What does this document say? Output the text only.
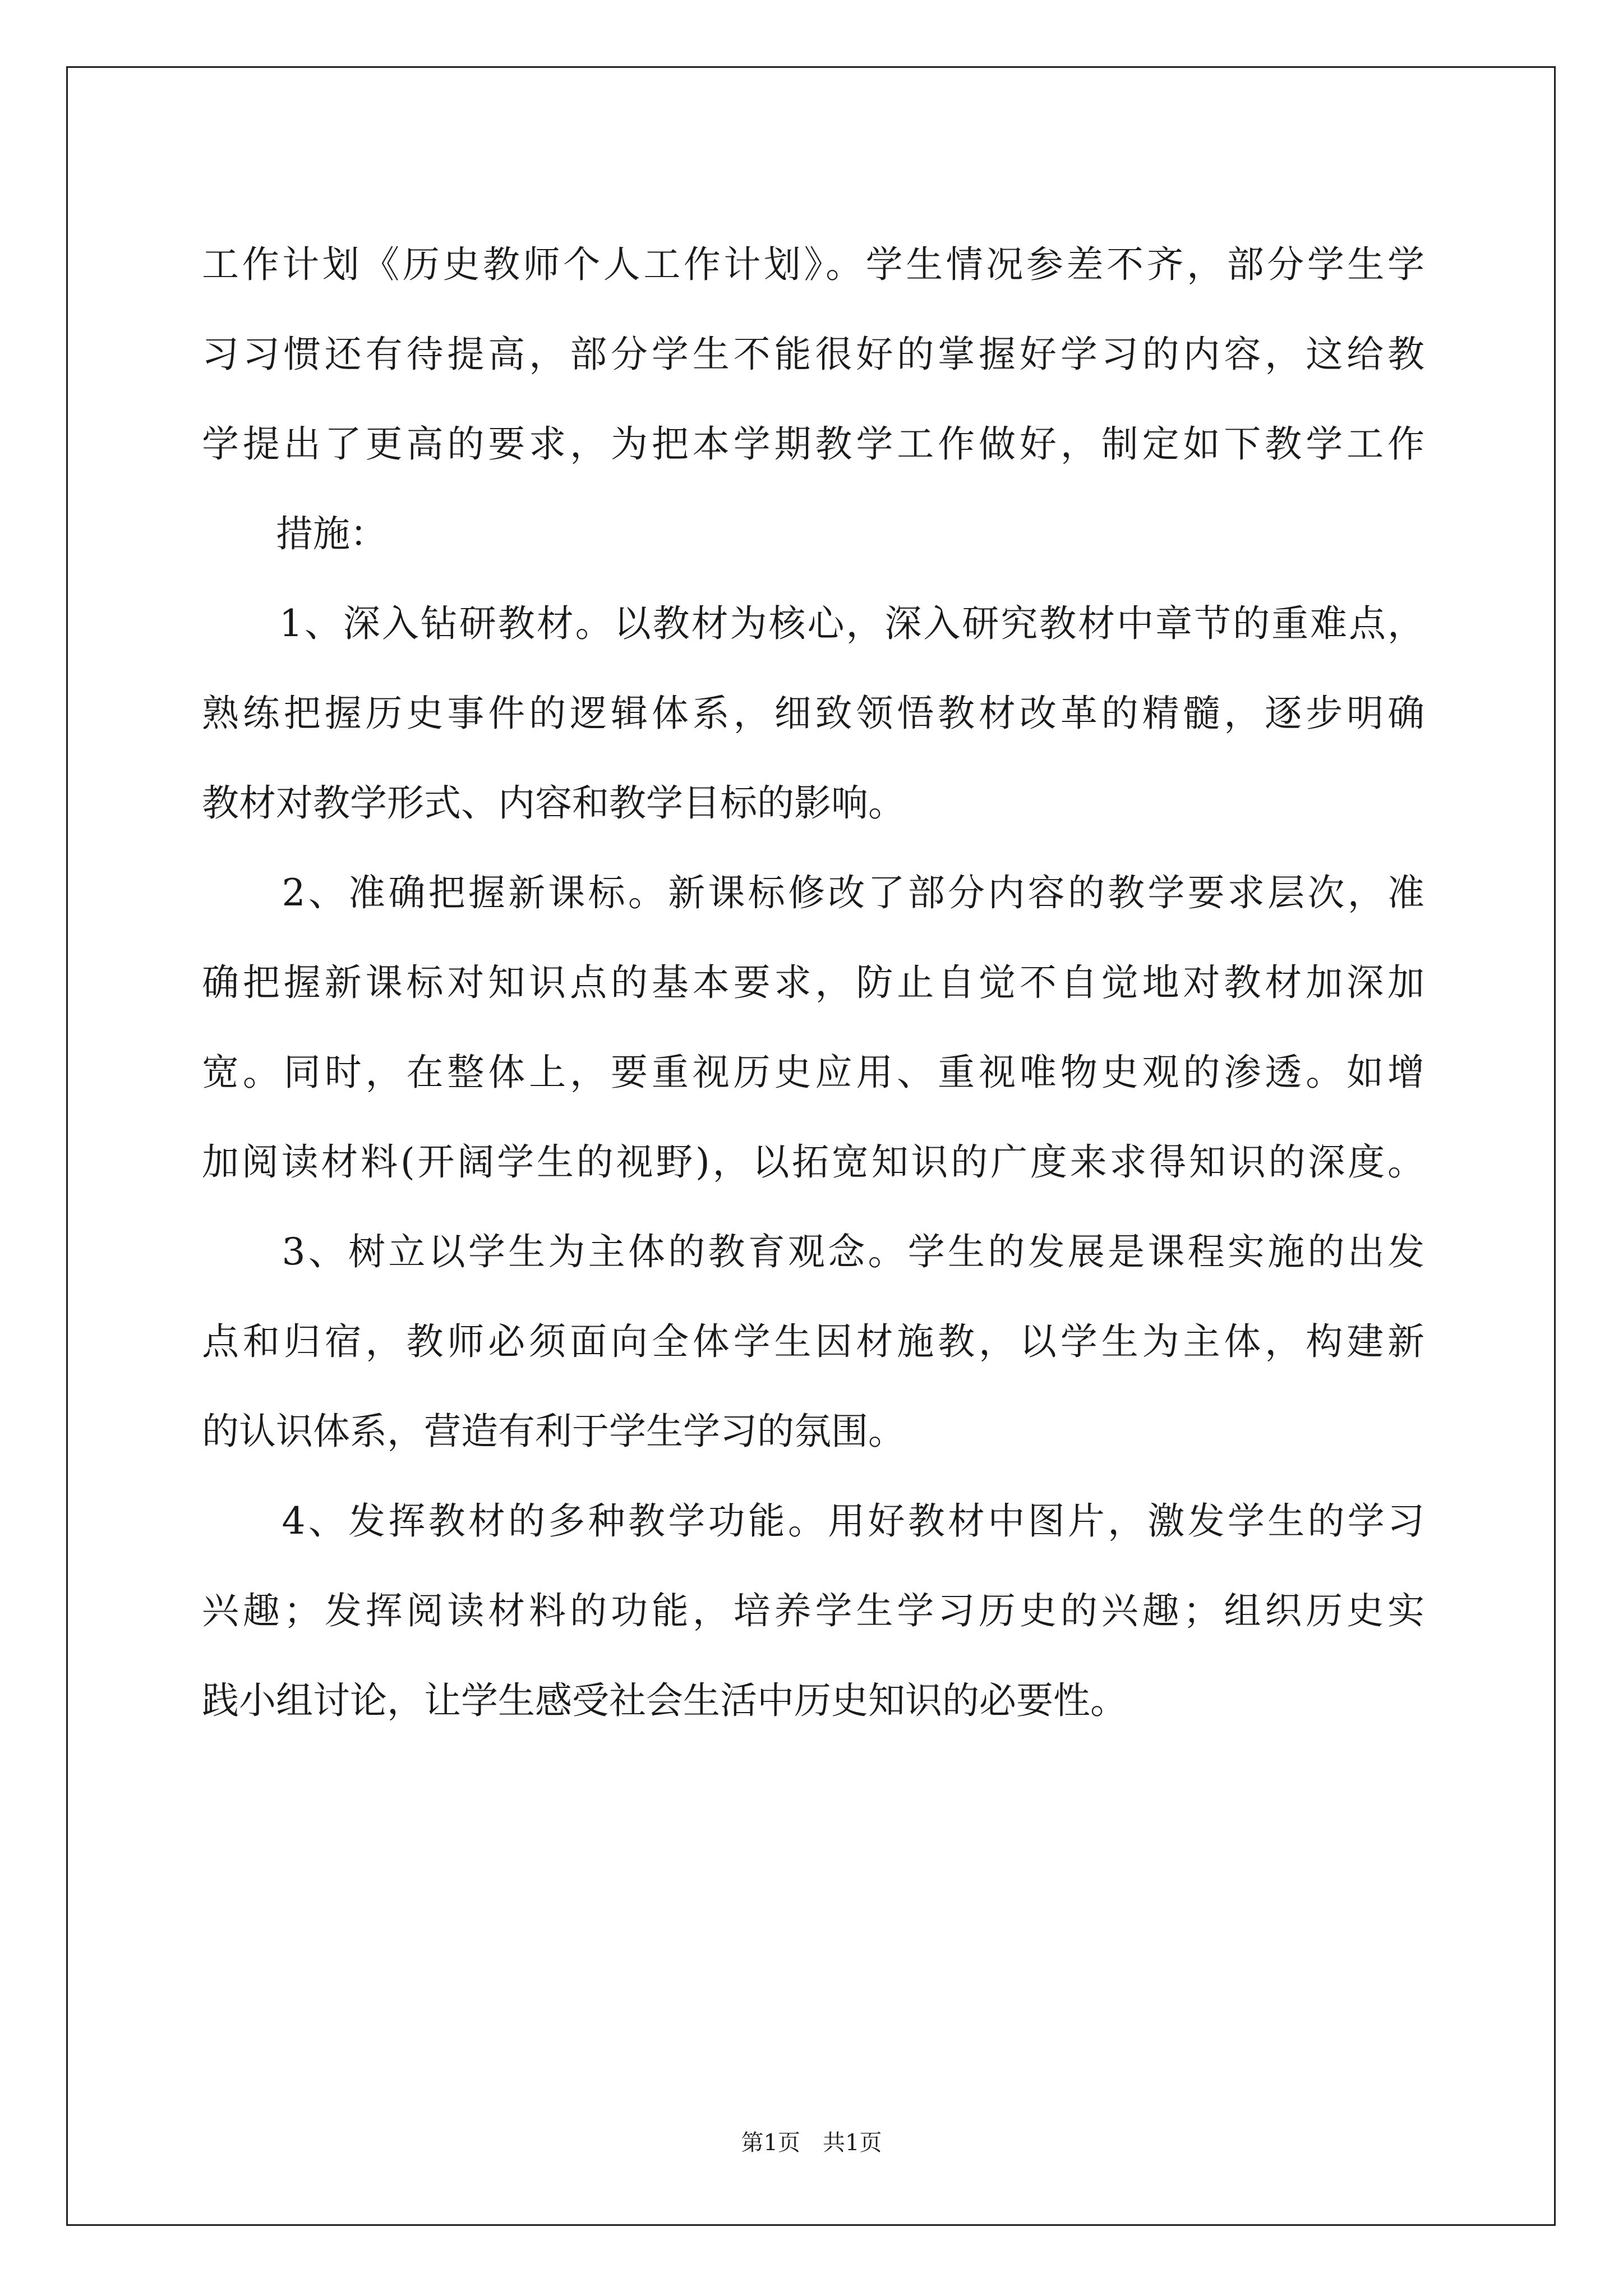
工作计划《历史教师个人工作计划》。学生情况参差不齐，部分学生学
习习惯还有待提高，部分学生不能很好的掌握好学习的内容，这给教
学提出了更高的要求，为把本学期教学工作做好，制定如下教学工作
　　措施：
　　1、深入钻研教材。以教材为核心，深入研究教材中章节的重难点，
熟练把握历史事件的逻辑体系，细致领悟教材改革的精髓，逐步明确
教材对教学形式、内容和教学目标的影响。
　　2、准确把握新课标。新课标修改了部分内容的教学要求层次，准
确把握新课标对知识点的基本要求，防止自觉不自觉地对教材加深加
宽。同时，在整体上，要重视历史应用、重视唯物史观的渗透。如增
加阅读材料(开阔学生的视野)，以拓宽知识的广度来求得知识的深度。
　　3、树立以学生为主体的教育观念。学生的发展是课程实施的出发
点和归宿，教师必须面向全体学生因材施教，以学生为主体，构建新
的认识体系，营造有利于学生学习的氛围。
　　4、发挥教材的多种教学功能。用好教材中图片，激发学生的学习
兴趣；发挥阅读材料的功能，培养学生学习历史的兴趣；组织历史实
践小组讨论，让学生感受社会生活中历史知识的必要性。
第1页　共1页
